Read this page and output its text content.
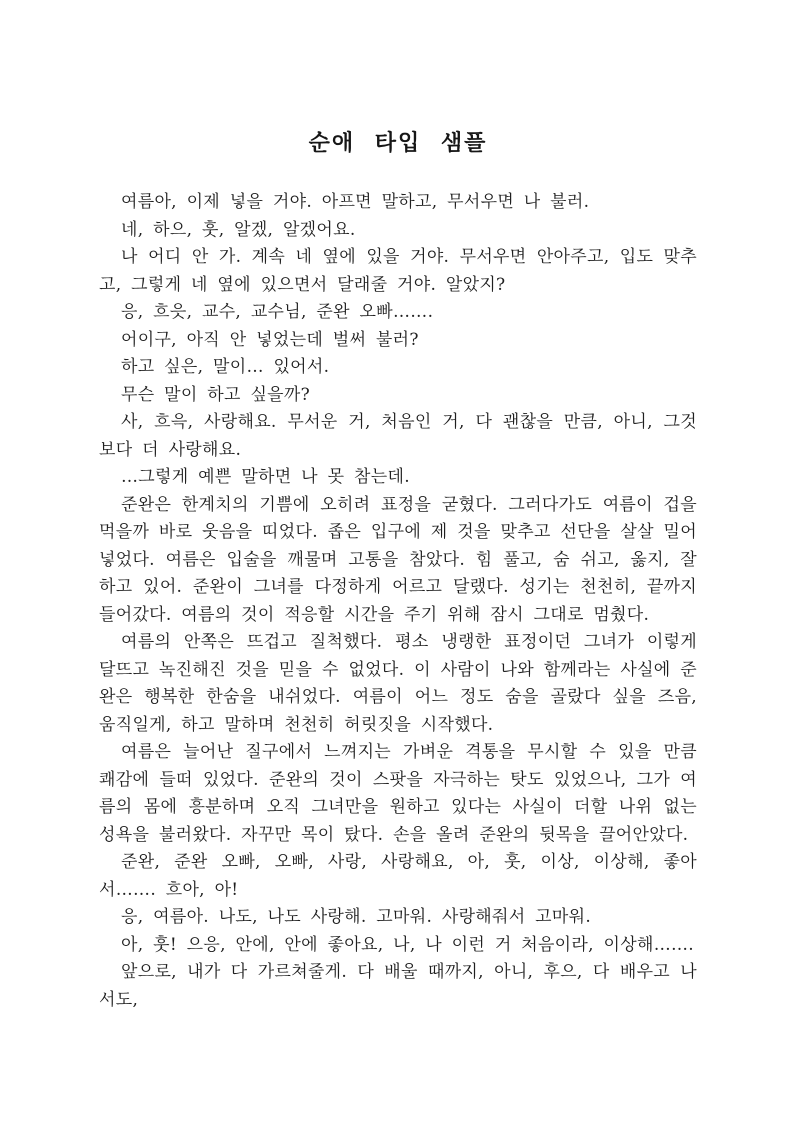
순애 타입 샘플

여름아, 이제 넣을 거야. 아프면 말하고, 무서우면 나 불러.

네, 하으, 훗, 알겠, 알겠어요.

나 어디 안 가. 계속 네 옆에 있을 거야. 무서우면 안아주고, 입도 맞추고, 그렇게 네 옆에 있으면서 달래줄 거야. 알았지?

응, 흐읏, 교수, 교수님, 준완 오빠…….

어이구, 아직 안 넣었는데 벌써 불러?

하고 싶은, 말이… 있어서.

무슨 말이 하고 싶을까?

사, 흐윽, 사랑해요. 무서운 거, 처음인 거, 다 괜찮을 만큼, 아니, 그것보다 더 사랑해요.

…그렇게 예쁜 말하면 나 못 참는데.

준완은 한계치의 기쁨에 오히려 표정을 굳혔다. 그러다가도 여름이 겁을 먹을까 바로 웃음을 띠었다. 좁은 입구에 제 것을 맞추고 선단을 살살 밀어 넣었다. 여름은 입술을 깨물며 고통을 참았다. 힘 풀고, 숨 쉬고, 옳지, 잘 하고 있어. 준완이 그녀를 다정하게 어르고 달랬다. 성기는 천천히, 끝까지 들어갔다. 여름의 것이 적응할 시간을 주기 위해 잠시 그대로 멈췄다.

여름의 안쪽은 뜨겁고 질척했다. 평소 냉랭한 표정이던 그녀가 이렇게 달뜨고 녹진해진 것을 믿을 수 없었다. 이 사람이 나와 함께라는 사실에 준완은 행복한 한숨을 내쉬었다. 여름이 어느 정도 숨을 골랐다 싶을 즈음, 움직일게, 하고 말하며 천천히 허릿짓을 시작했다.

여름은 늘어난 질구에서 느껴지는 가벼운 격통을 무시할 수 있을 만큼 쾌감에 들떠 있었다. 준완의 것이 스팟을 자극하는 탓도 있었으나, 그가 여름의 몸에 흥분하며 오직 그녀만을 원하고 있다는 사실이 더할 나위 없는 성욕을 불러왔다. 자꾸만 목이 탔다. 손을 올려 준완의 뒷목을 끌어안았다.

준완, 준완 오빠, 오빠, 사랑, 사랑해요, 아, 훗, 이상, 이상해, 좋아서……. 흐아, 아!

응, 여름아. 나도, 나도 사랑해. 고마워. 사랑해줘서 고마워.

아, 훗! 으응, 안에, 안에 좋아요, 나, 나 이런 거 처음이라, 이상해…….

앞으로, 내가 다 가르쳐줄게. 다 배울 때까지, 아니, 후으, 다 배우고 나서도,
